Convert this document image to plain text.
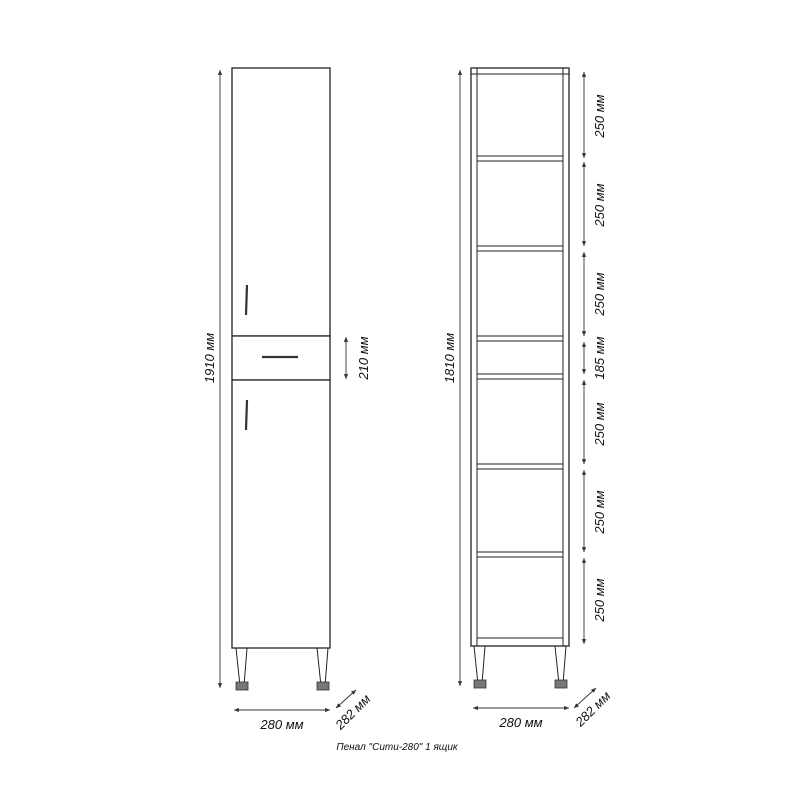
1910 мм	210 мм
280 мм 282 мм
1810 мм
250 мм
250 мм
250 мм
185 мм
250 мм
250 мм
250 мм
280 мм 282 мм
Пенал "Сити-280" 1 ящик
